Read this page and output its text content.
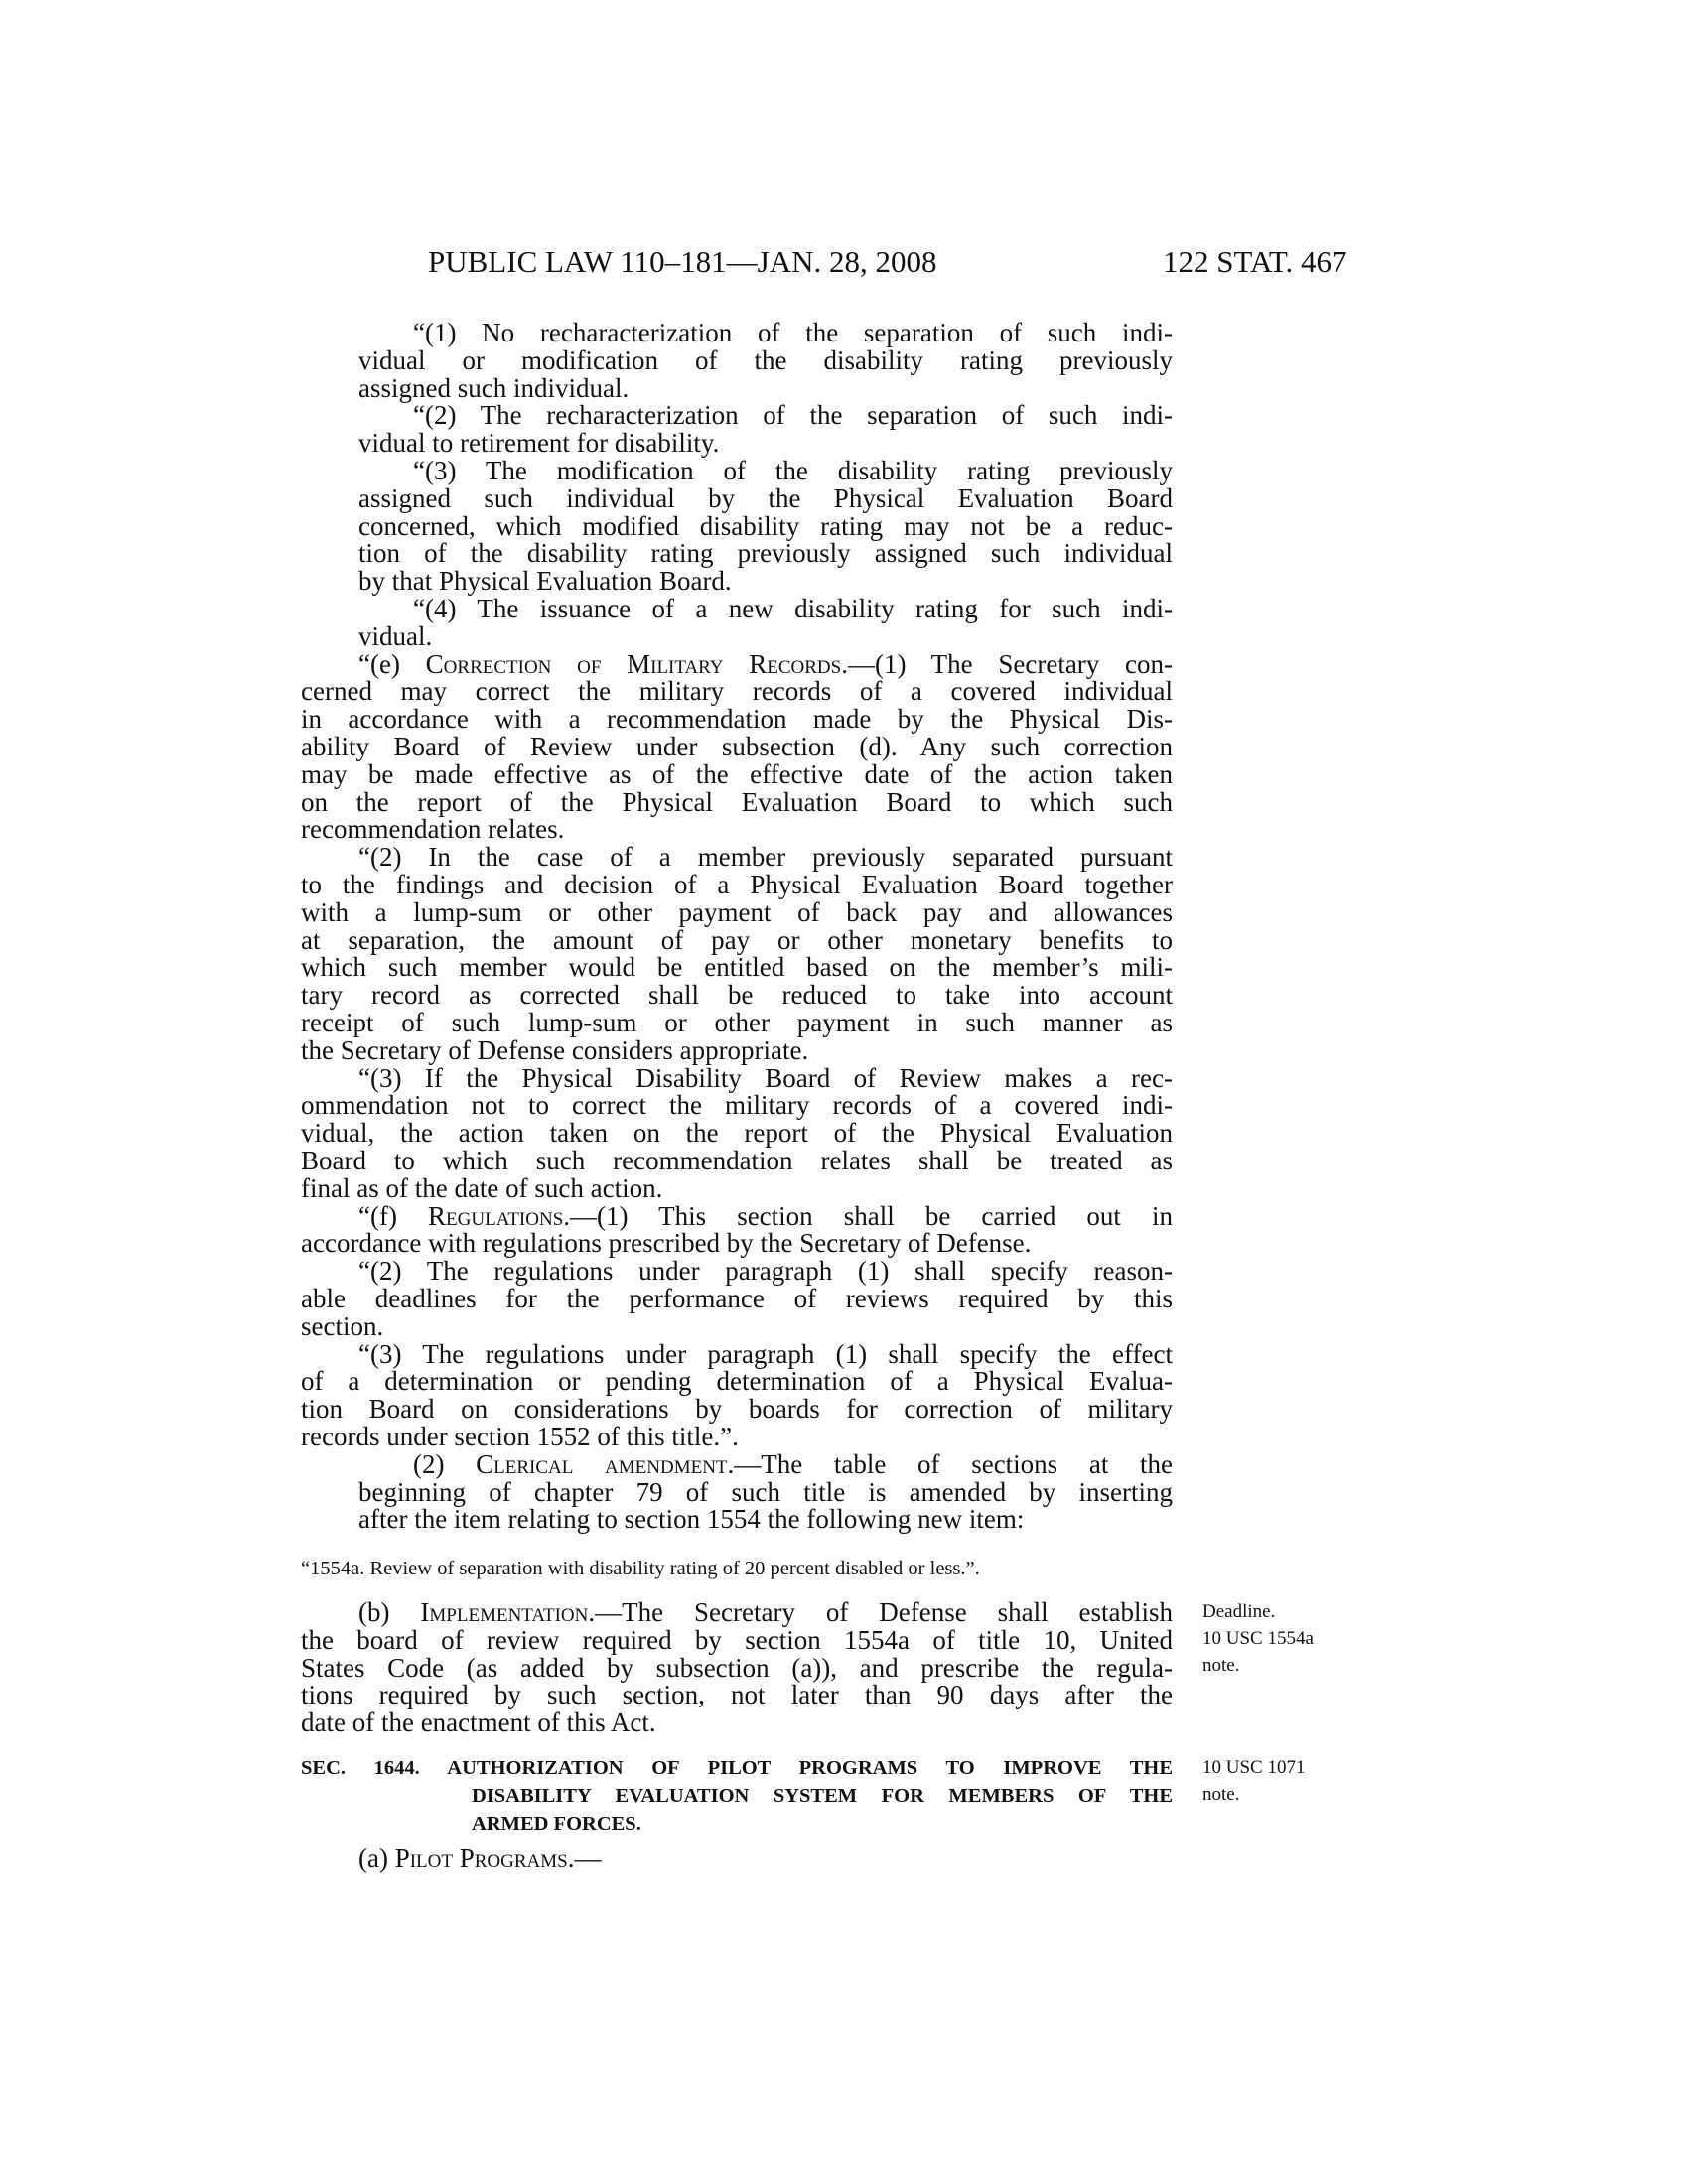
PUBLIC LAW 110–181—JAN. 28, 2008	122 STAT. 467
“(1) No recharacterization of the separation of such indi-
vidual or modification of the disability rating previously
assigned such individual.
“(2) The recharacterization of the separation of such indi-
vidual to retirement for disability.
“(3) The modification of the disability rating previously
assigned such individual by the Physical Evaluation Board
concerned, which modified disability rating may not be a reduc-
tion of the disability rating previously assigned such individual
by that Physical Evaluation Board.
“(4) The issuance of a new disability rating for such indi-
vidual.
“(e) Correction of Military Records.—(1) The Secretary con-
cerned may correct the military records of a covered individual
in accordance with a recommendation made by the Physical Dis-
ability Board of Review under subsection (d). Any such correction
may be made effective as of the effective date of the action taken
on the report of the Physical Evaluation Board to which such
recommendation relates.
“(2) In the case of a member previously separated pursuant
to the findings and decision of a Physical Evaluation Board together
with a lump-sum or other payment of back pay and allowances
at separation, the amount of pay or other monetary benefits to
which such member would be entitled based on the member’s mili-
tary record as corrected shall be reduced to take into account
receipt of such lump-sum or other payment in such manner as
the Secretary of Defense considers appropriate.
“(3) If the Physical Disability Board of Review makes a rec-
ommendation not to correct the military records of a covered indi-
vidual, the action taken on the report of the Physical Evaluation
Board to which such recommendation relates shall be treated as
final as of the date of such action.
“(f) Regulations.—(1) This section shall be carried out in
accordance with regulations prescribed by the Secretary of Defense.
“(2) The regulations under paragraph (1) shall specify reason-
able deadlines for the performance of reviews required by this
section.
“(3) The regulations under paragraph (1) shall specify the effect
of a determination or pending determination of a Physical Evalua-
tion Board on considerations by boards for correction of military
records under section 1552 of this title.”.
(2) Clerical amendment.—The table of sections at the
beginning of chapter 79 of such title is amended by inserting
after the item relating to section 1554 the following new item:
“1554a. Review of separation with disability rating of 20 percent disabled or less.”.
(b) Implementation.—The Secretary of Defense shall establish
the board of review required by section 1554a of title 10, United
States Code (as added by subsection (a)), and prescribe the regula-
tions required by such section, not later than 90 days after the
date of the enactment of this Act.
Deadline.
10 USC 1554a
note.
SEC. 1644. AUTHORIZATION OF PILOT PROGRAMS TO IMPROVE THE
DISABILITY EVALUATION SYSTEM FOR MEMBERS OF THE
ARMED FORCES.
10 USC 1071
note.
(a) Pilot Programs.—
